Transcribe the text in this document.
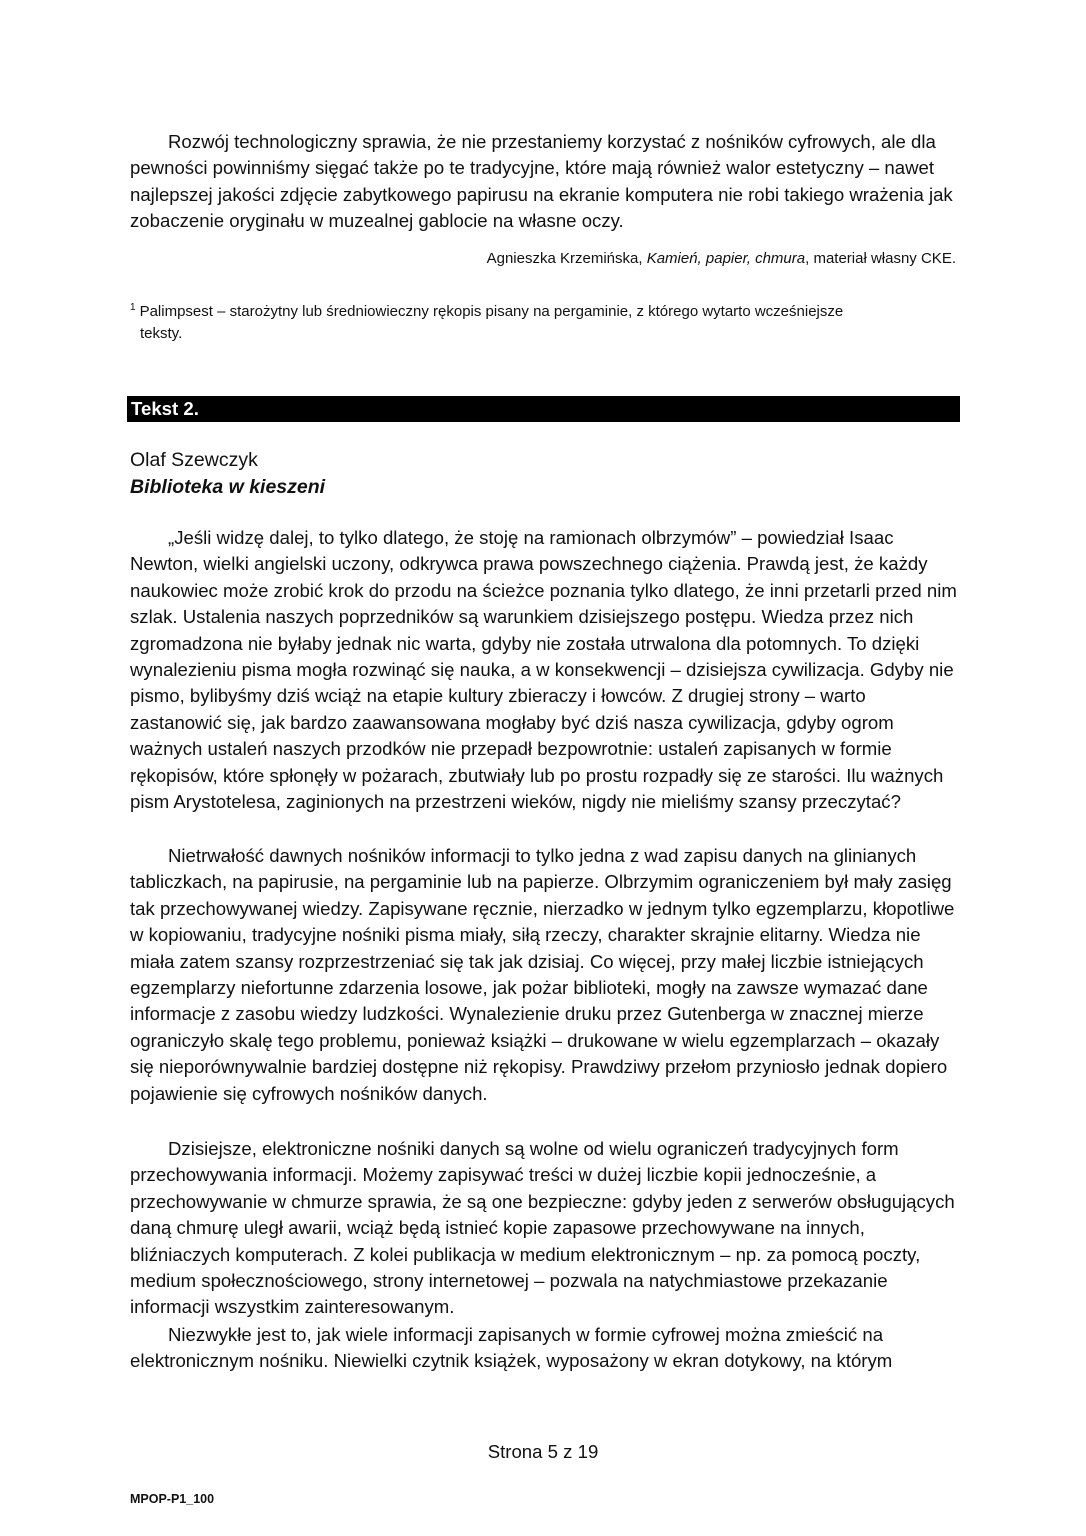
Rozwój technologiczny sprawia, że nie przestaniemy korzystać z nośników cyfrowych, ale dla pewności powinniśmy sięgać także po te tradycyjne, które mają również walor estetyczny – nawet najlepszej jakości zdjęcie zabytkowego papirusu na ekranie komputera nie robi takiego wrażenia jak zobaczenie oryginału w muzealnej gablocie na własne oczy.

Agnieszka Krzemińska, Kamień, papier, chmura, materiał własny CKE.
$^1$ Palimpsest – starożytny lub średniowieczny rękopis pisany na pergaminie, z którego wytarto wcześniejsze
teksty.
Tekst 2.
Olaf Szewczyk
Biblioteka w kieszeni

„Jeśli widzę dalej, to tylko dlatego, że stoję na ramionach olbrzymów” – powiedział Isaac Newton, wielki angielski uczony, odkrywca prawa powszechnego ciążenia. Prawdą jest, że każdy naukowiec może zrobić krok do przodu na ścieżce poznania tylko dlatego, że inni przetarli przed nim szlak. Ustalenia naszych poprzedników są warunkiem dzisiejszego postępu. Wiedza przez nich zgromadzona nie byłaby jednak nic warta, gdyby nie została utrwalona dla potomnych. To dzięki wynalezieniu pisma mogła rozwinąć się nauka, a w konsekwencji – dzisiejsza cywilizacja. Gdyby nie pismo, bylibyśmy dziś wciąż na etapie kultury zbieraczy i łowców. Z drugiej strony – warto zastanowić się, jak bardzo zaawansowana mogłaby być dziś nasza cywilizacja, gdyby ogrom ważnych ustaleń naszych przodków nie przepadł bezpowrotnie: ustaleń zapisanych w formie rękopisów, które spłonęły w pożarach, zbutwiały lub po prostu rozpadły się ze starości. Ilu ważnych pism Arystotelesa, zaginionych na przestrzeni wieków, nigdy nie mieliśmy szansy przeczytać?

Nietrwałość dawnych nośników informacji to tylko jedna z wad zapisu danych na glinianych tabliczkach, na papirusie, na pergaminie lub na papierze. Olbrzymim ograniczeniem był mały zasięg tak przechowywanej wiedzy. Zapisywane ręcznie, nierzadko w jednym tylko egzemplarzu, kłopotliwe w kopiowaniu, tradycyjne nośniki pisma miały, siłą rzeczy, charakter skrajnie elitarny. Wiedza nie miała zatem szansy rozprzestrzeniać się tak jak dzisiaj. Co więcej, przy małej liczbie istniejących egzemplarzy niefortunne zdarzenia losowe, jak pożar biblioteki, mogły na zawsze wymazać dane informacje z zasobu wiedzy ludzkości. Wynalezienie druku przez Gutenberga w znacznej mierze ograniczyło skalę tego problemu, ponieważ książki – drukowane w wielu egzemplarzach – okazały się nieporównywalnie bardziej dostępne niż rękopisy. Prawdziwy przełom przyniosło jednak dopiero pojawienie się cyfrowych nośników danych.

Dzisiejsze, elektroniczne nośniki danych są wolne od wielu ograniczeń tradycyjnych form przechowywania informacji. Możemy zapisywać treści w dużej liczbie kopii jednocześnie, a przechowywanie w chmurze sprawia, że są one bezpieczne: gdyby jeden z serwerów obsługujących daną chmurę uległ awarii, wciąż będą istnieć kopie zapasowe przechowywane na innych, bliźniaczych komputerach. Z kolei publikacja w medium elektronicznym – np. za pomocą poczty, medium społecznościowego, strony internetowej – pozwala na natychmiastowe przekazanie informacji wszystkim zainteresowanym.

Niezwykłe jest to, jak wiele informacji zapisanych w formie cyfrowej można zmieścić na elektronicznym nośniku. Niewielki czytnik książek, wyposażony w ekran dotykowy, na którym

Strona 5 z 19
MPOP-P1_100
